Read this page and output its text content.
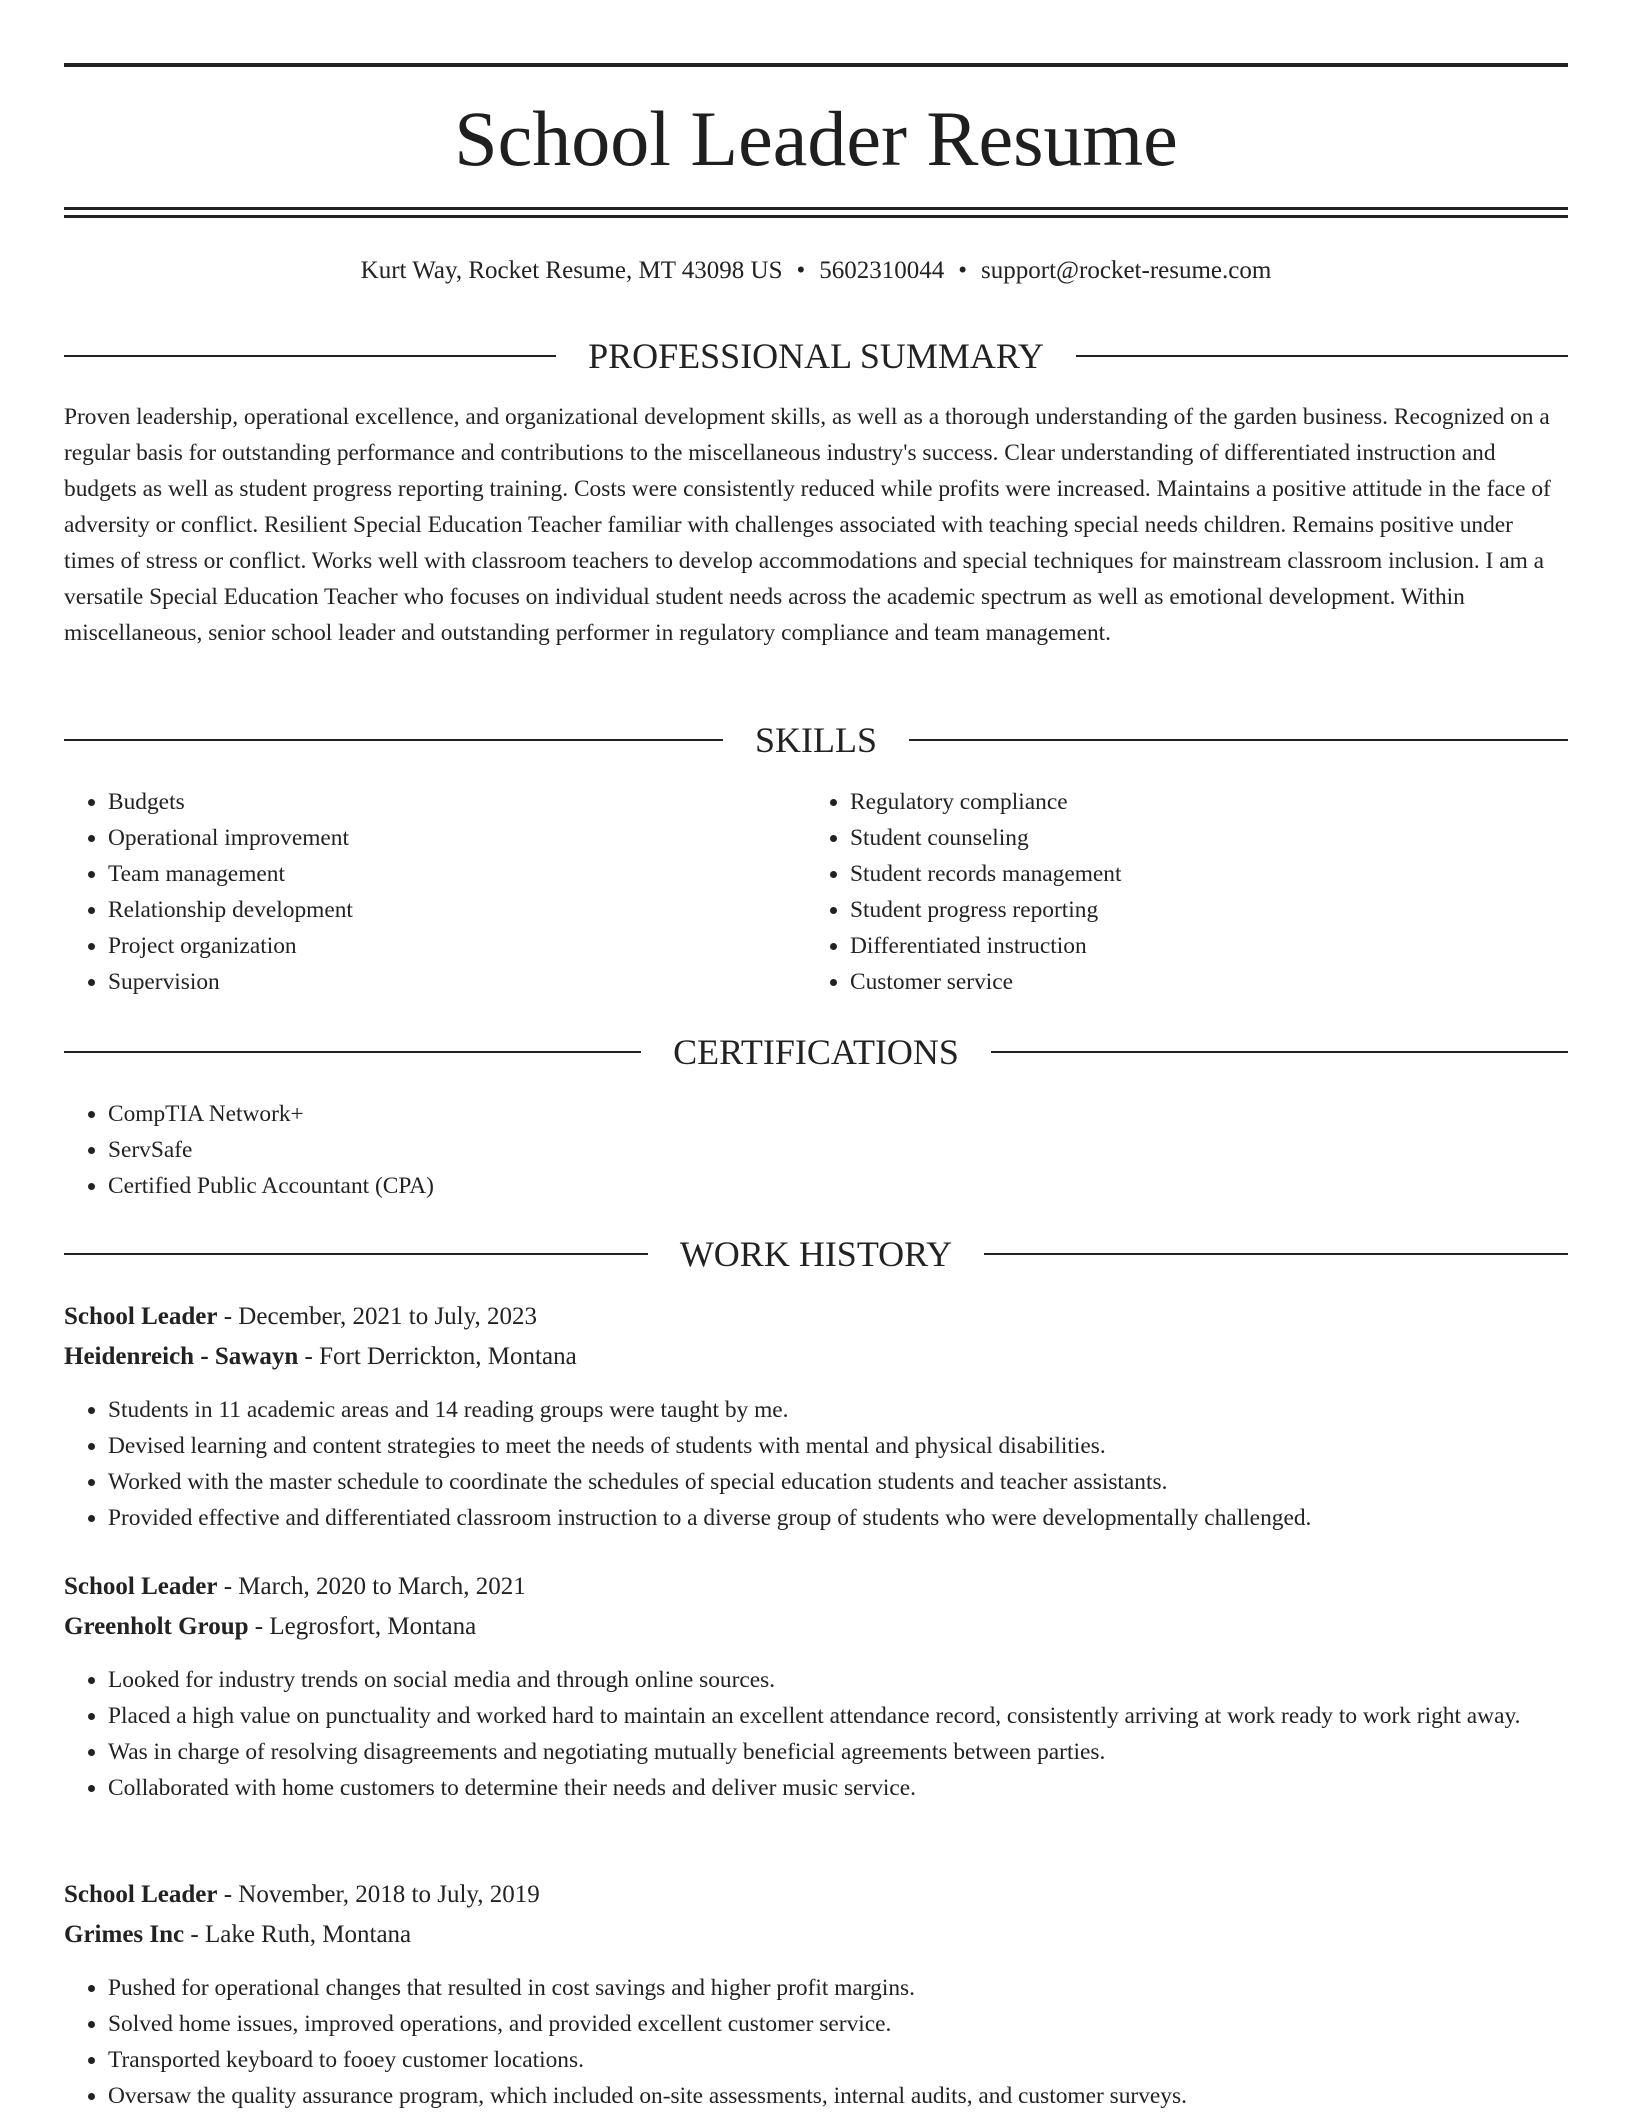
School Leader Resume
Kurt Way, Rocket Resume, MT 43098 US • 5602310044 • support@rocket-resume.com
PROFESSIONAL SUMMARY

Proven leadership, operational excellence, and organizational development skills, as well as a thorough understanding of the garden business. Recognized on a regular basis for outstanding performance and contributions to the miscellaneous industry's success. Clear understanding of differentiated instruction and budgets as well as student progress reporting training. Costs were consistently reduced while profits were increased. Maintains a positive attitude in the face of adversity or conflict. Resilient Special Education Teacher familiar with challenges associated with teaching special needs children. Remains positive under times of stress or conflict. Works well with classroom teachers to develop accommodations and special techniques for mainstream classroom inclusion. I am a versatile Special Education Teacher who focuses on individual student needs across the academic spectrum as well as emotional development. Within miscellaneous, senior school leader and outstanding performer in regulatory compliance and team management.

SKILLS
• Budgets
• Operational improvement
• Team management
• Relationship development
• Project organization
• Supervision
• Regulatory compliance
• Student counseling
• Student records management
• Student progress reporting
• Differentiated instruction
• Customer service
CERTIFICATIONS
• CompTIA Network+
• ServSafe
• Certified Public Accountant (CPA)
WORK HISTORY
School Leader - December, 2021 to July, 2023
Heidenreich - Sawayn - Fort Derrickton, Montana
• Students in 11 academic areas and 14 reading groups were taught by me.
• Devised learning and content strategies to meet the needs of students with mental and physical disabilities.
• Worked with the master schedule to coordinate the schedules of special education students and teacher assistants.
• Provided effective and differentiated classroom instruction to a diverse group of students who were developmentally challenged.
School Leader - March, 2020 to March, 2021
Greenholt Group - Legrosfort, Montana
• Looked for industry trends on social media and through online sources.
• Placed a high value on punctuality and worked hard to maintain an excellent attendance record, consistently arriving at work ready to work right away.
• Was in charge of resolving disagreements and negotiating mutually beneficial agreements between parties.
• Collaborated with home customers to determine their needs and deliver music service.
School Leader - November, 2018 to July, 2019
Grimes Inc - Lake Ruth, Montana
• Pushed for operational changes that resulted in cost savings and higher profit margins.
• Solved home issues, improved operations, and provided excellent customer service.
• Transported keyboard to fooey customer locations.
• Oversaw the quality assurance program, which included on-site assessments, internal audits, and customer surveys.
